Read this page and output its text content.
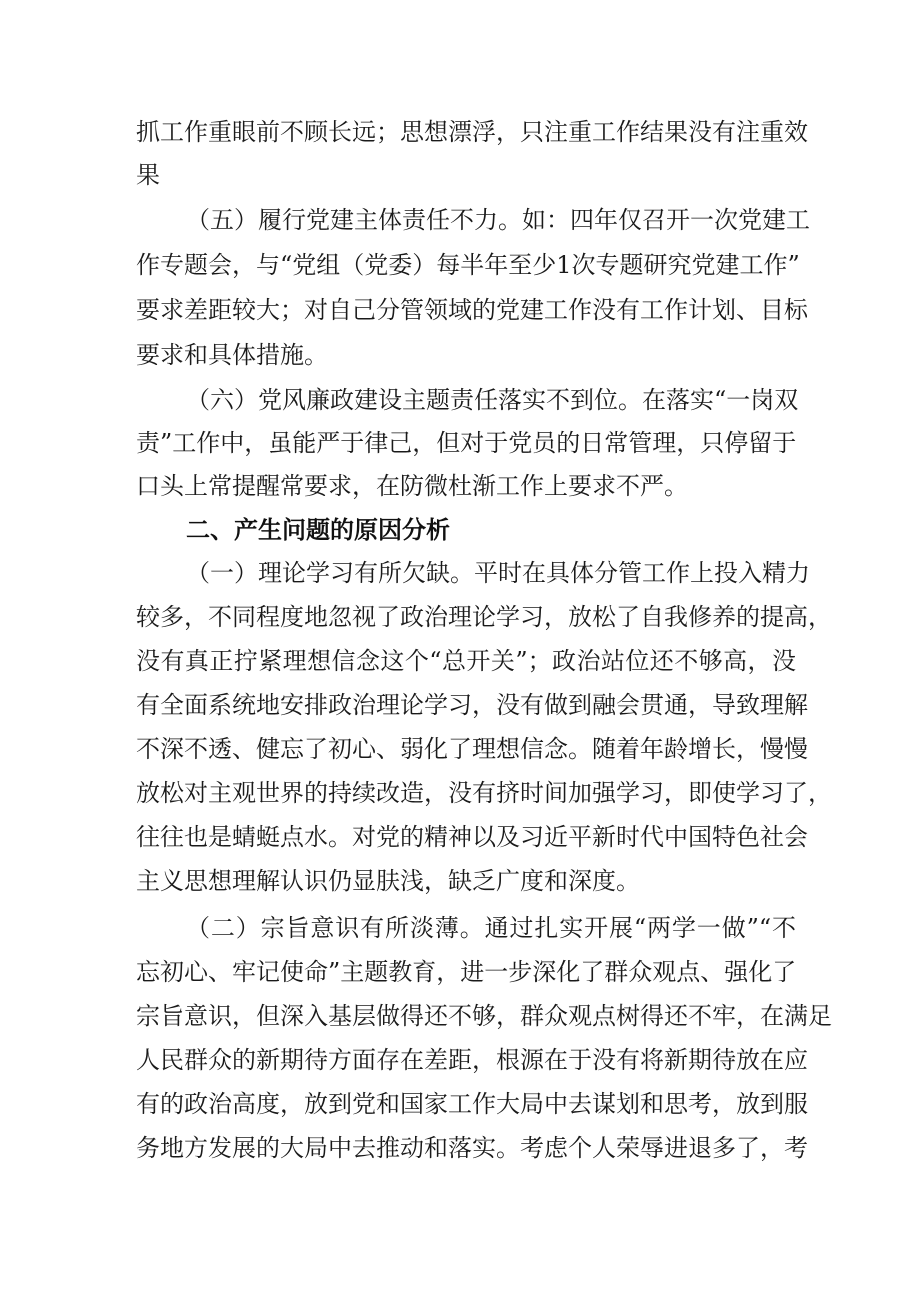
抓工作重眼前不顾长远；思想漂浮，只注重工作结果没有注重效
果
（五）履行党建主体责任不力。如：四年仅召开一次党建工
作专题会，与“党组（党委）每半年至少1次专题研究党建工作”
要求差距较大；对自己分管领域的党建工作没有工作计划、目标
要求和具体措施。
（六）党风廉政建设主题责任落实不到位。在落实“一岗双
责”工作中，虽能严于律己，但对于党员的日常管理，只停留于
口头上常提醒常要求，在防微杜渐工作上要求不严。
二、产生问题的原因分析
（一）理论学习有所欠缺。平时在具体分管工作上投入精力
较多，不同程度地忽视了政治理论学习，放松了自我修养的提高，
没有真正拧紧理想信念这个“总开关”；政治站位还不够高，没
有全面系统地安排政治理论学习，没有做到融会贯通，导致理解
不深不透、健忘了初心、弱化了理想信念。随着年龄增长，慢慢
放松对主观世界的持续改造，没有挤时间加强学习，即使学习了，
往往也是蜻蜓点水。对党的精神以及习近平新时代中国特色社会
主义思想理解认识仍显肤浅，缺乏广度和深度。
（二）宗旨意识有所淡薄。通过扎实开展“两学一做”“不
忘初心、牢记使命”主题教育，进一步深化了群众观点、强化了
宗旨意识，但深入基层做得还不够，群众观点树得还不牢，在满足
人民群众的新期待方面存在差距，根源在于没有将新期待放在应
有的政治高度，放到党和国家工作大局中去谋划和思考，放到服
务地方发展的大局中去推动和落实。考虑个人荣辱进退多了，考
